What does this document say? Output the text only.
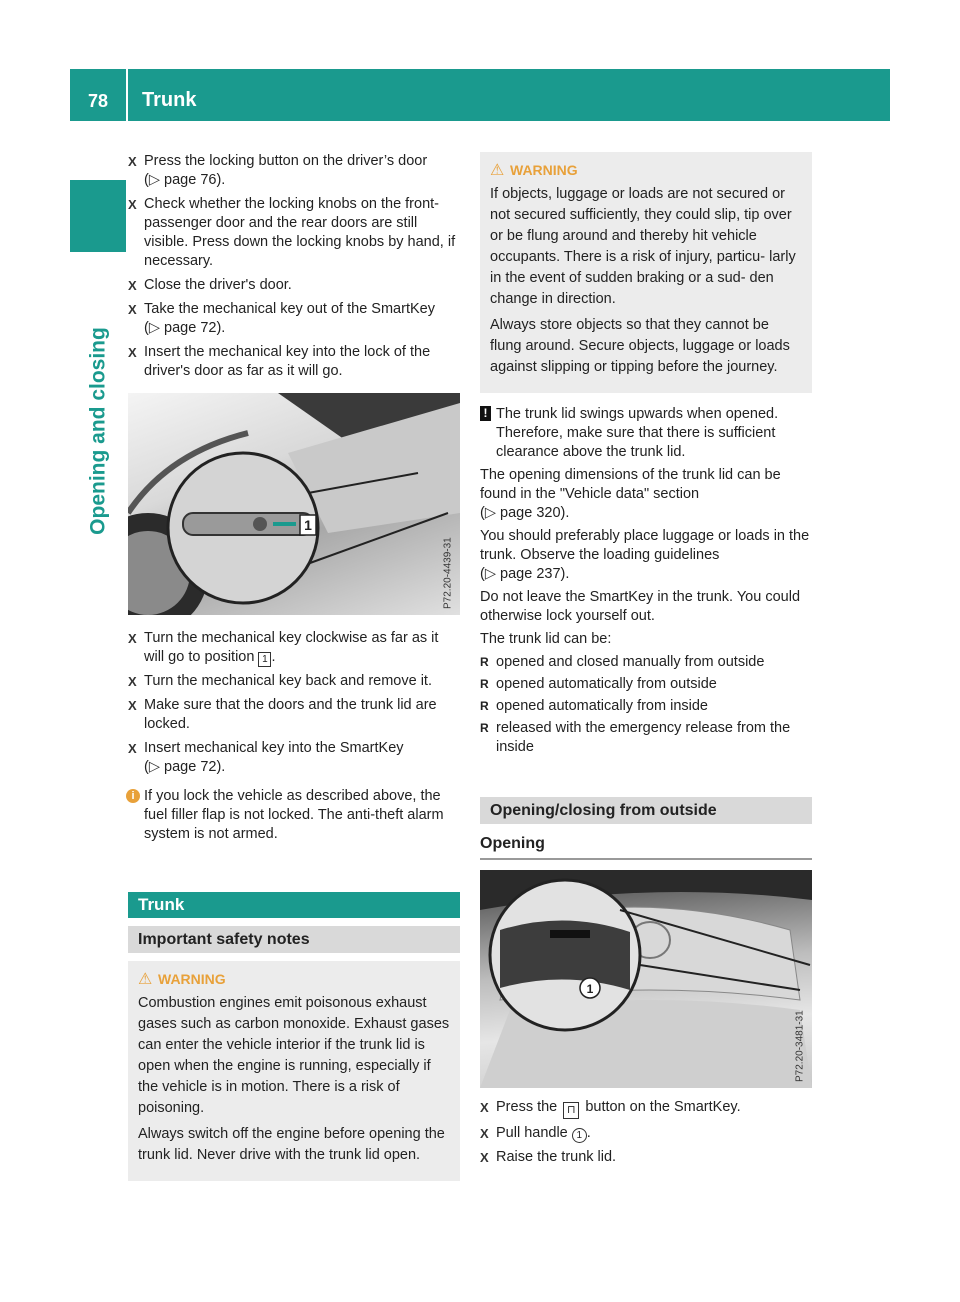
78	Trunk
Opening and closing
X Press the locking button on the driver’s door
(▷ page 76).
X Check whether the locking knobs on the front-passenger door and the rear doors are still visible. Press down the locking knobs by hand, if necessary.
X Close the driver's door.
X Take the mechanical key out of the SmartKey
(▷ page 72).
X Insert the mechanical key into the lock of the driver's door as far as it will go.
1
P72.20-4439-31
X Turn the mechanical key clockwise as far as it will go to position 1 .
X Turn the mechanical key back and remove it.
X Make sure that the doors and the trunk lid are locked.
X Insert mechanical key into the SmartKey
(▷ page 72).
i If you lock the vehicle as described above, the fuel filler flap is not locked. The anti-theft alarm system is not armed.
Trunk
Important safety notes
⚠ WARNING

Combustion engines emit poisonous exhaust gases such as carbon monoxide. Exhaust gases can enter the vehicle interior if the trunk lid is open when the engine is running, especially if the vehicle is in motion. There is a risk of poisoning.

Always switch off the engine before opening the trunk lid. Never drive with the trunk lid open.

⚠ WARNING

If objects, luggage or loads are not secured or not secured sufficiently, they could slip, tip over or be flung around and thereby hit vehicle occupants. There is a risk of injury, particu- larly in the event of sudden braking or a sud- den change in direction.

Always store objects so that they cannot be flung around. Secure objects, luggage or loads against slipping or tipping before the journey.

! The trunk lid swings upwards when opened. Therefore, make sure that there is sufficient clearance above the trunk lid.

The opening dimensions of the trunk lid can be found in the "Vehicle data" section
(▷ page 320).

You should preferably place luggage or loads in the trunk. Observe the loading guidelines
(▷ page 237).

Do not leave the SmartKey in the trunk. You could otherwise lock yourself out.

The trunk lid can be:

R opened and closed manually from outside
R opened automatically from outside
R opened automatically from inside
R released with the emergency release from the inside
Opening/closing from outside
Opening
1
P72.20-3481-31
X Press the ⊓ button on the SmartKey.
X Pull handle 1 .
X Raise the trunk lid.
